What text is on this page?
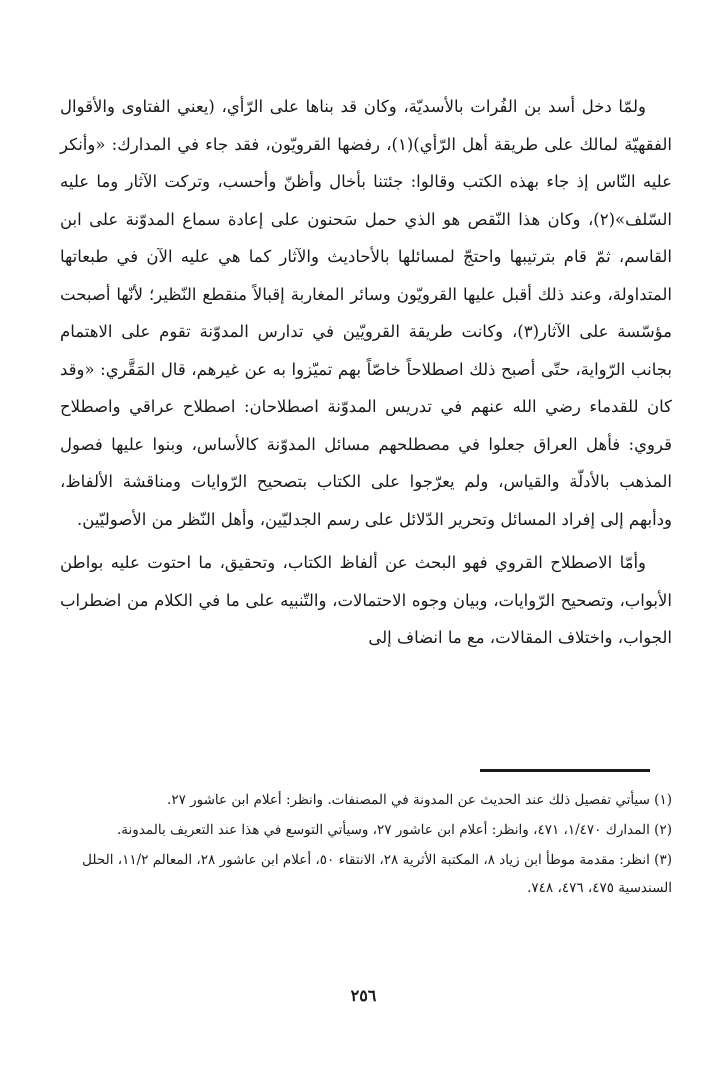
ولمّا دخل أسد بن الفُرات بالأسديّة، وكان قد بناها على الرّأي، (يعني الفتاوى والأقوال الفقهيّة لمالك على طريقة أهل الرّأي)(١)، رفضها القرويّون، فقد جاء في المدارك: «وأنكر عليه النّاس إذ جاء بهذه الكتب وقالوا: جئتنا بأخال وأظنّ وأحسب، وتركت الآثار وما عليه السّلف»(٢)، وكان هذا النّقص هو الذي حمل سَحنون على إعادة سماع المدوّنة على ابن القاسم، ثمّ قام بترتيبها واحتجّ لمسائلها بالأحاديث والآثار كما هي عليه الآن في طبعاتها المتداولة، وعند ذلك أقبل عليها القرويّون وسائر المغاربة إقبالاً منقطع النّظير؛ لأنّها أصبحت مؤسّسة على الآثار(٣)، وكانت طريقة القرويّين في تدارس المدوّنة تقوم على الاهتمام بجانب الرّواية، حتّى أصبح ذلك اصطلاحاً خاصّاً بهم تميّزوا به عن غيرهم، قال المَقَّري: «وقد كان للقدماء رضي الله عنهم في تدريس المدوّنة اصطلاحان: اصطلاح عراقي واصطلاح قروي: فأهل العراق جعلوا في مصطلحهم مسائل المدوّنة كالأساس، وبنوا عليها فصول المذهب بالأدلّة والقياس، ولم يعرّجوا على الكتاب بتصحيح الرّوايات ومناقشة الألفاظ، ودأبهم إلى إفراد المسائل وتحرير الدّلائل على رسم الجدليّين، وأهل النّظر من الأصوليّين.

وأمّا الاصطلاح القروي فهو البحث عن ألفاظ الكتاب، وتحقيق، ما احتوت عليه بواطن الأبواب، وتصحيح الرّوايات، وبيان وجوه الاحتمالات، والتّنبيه على ما في الكلام من اضطراب الجواب، واختلاف المقالات، مع ما انضاف إلى

(١) سيأتي تفصيل ذلك عند الحديث عن المدونة في المصنفات. وانظر: أعلام ابن عاشور ٢٧.

(٢) المدارك ١/٤٧٠، ٤٧١، وانظر: أعلام ابن عاشور ٢٧، وسيأتي التوسع في هذا عند التعريف بالمدونة.

(٣) انظر: مقدمة موطأ ابن زياد ٨، المكتبة الأثرية ٢٨، الانتقاء ٥٠، أعلام ابن عاشور ٢٨، المعالم ١١/٢، الحلل السندسية ٤٧٥، ٤٧٦، ٧٤٨.

٢٥٦
